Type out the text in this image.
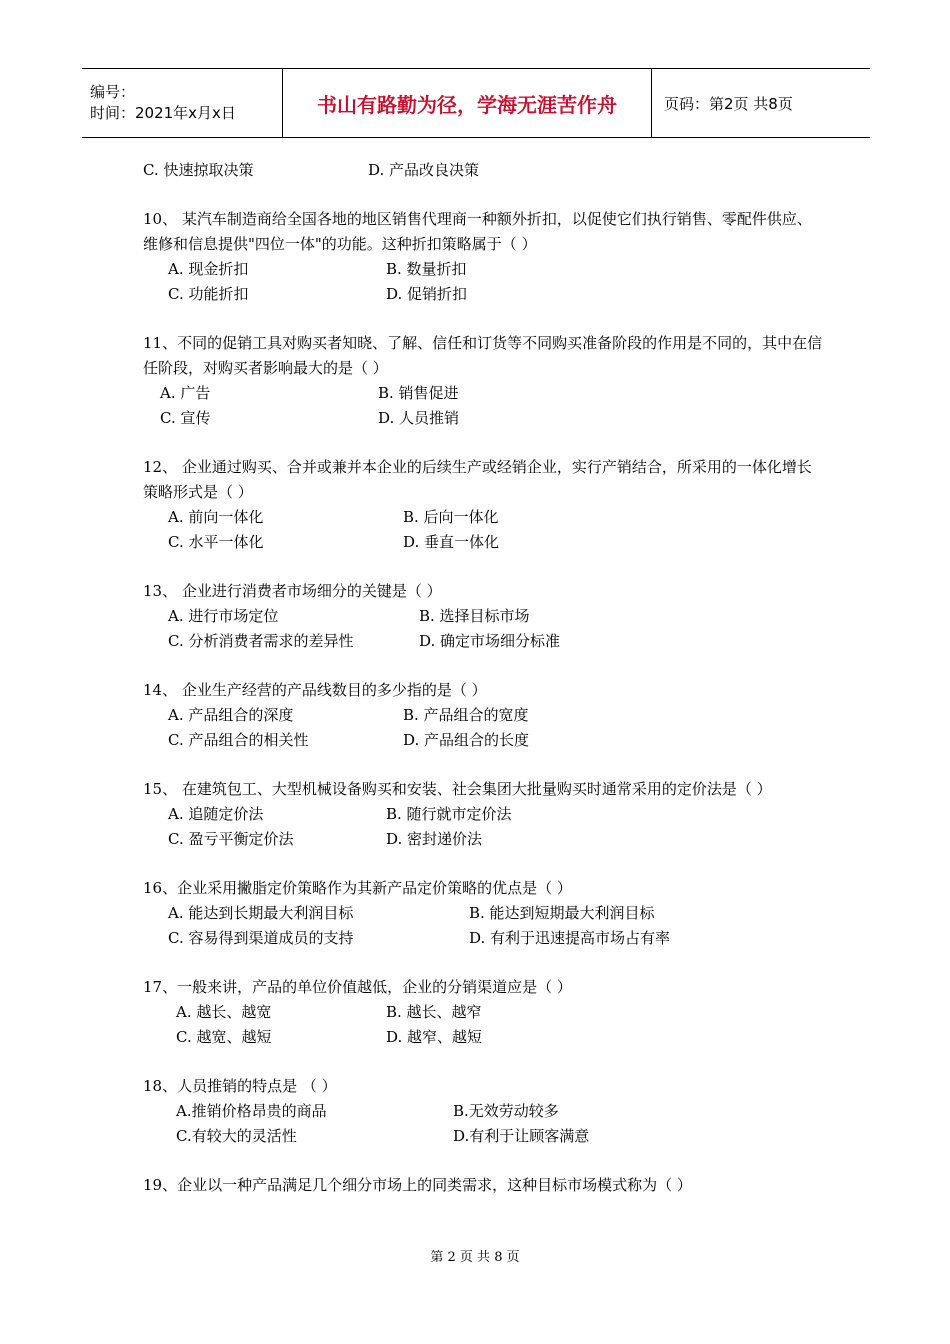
编号：
时间：2021年x月x日	书山有路勤为径，学海无涯苦作舟	页码：第2页 共8页
C. 快速掠取决策	D. 产品改良决策
10、 某汽车制造商给全国各地的地区销售代理商一种额外折扣，以促使它们执行销售、零配件供应、维修和信息提供"四位一体"的功能。这种折扣策略属于（ ）
A. 现金折扣	B. 数量折扣
C. 功能折扣	D. 促销折扣
11、不同的促销工具对购买者知晓、了解、信任和订货等不同购买准备阶段的作用是不同的，其中在信任阶段，对购买者影响最大的是（ ）
A. 广告	B. 销售促进
C. 宣传	D. 人员推销
12、 企业通过购买、合并或兼并本企业的后续生产或经销企业，实行产销结合，所采用的一体化增长策略形式是（ ）
A. 前向一体化	B. 后向一体化
C. 水平一体化	D. 垂直一体化
13、 企业进行消费者市场细分的关键是（ ）
A. 进行市场定位	B. 选择目标市场
C. 分析消费者需求的差异性	D. 确定市场细分标准
14、 企业生产经营的产品线数目的多少指的是（ ）
A. 产品组合的深度	B. 产品组合的宽度
C. 产品组合的相关性	D. 产品组合的长度
15、 在建筑包工、大型机械设备购买和安装、社会集团大批量购买时通常采用的定价法是（ ）
A. 追随定价法	B. 随行就市定价法
C. 盈亏平衡定价法	D. 密封递价法
16、企业采用撇脂定价策略作为其新产品定价策略的优点是（ ）
A. 能达到长期最大利润目标	B. 能达到短期最大利润目标
C. 容易得到渠道成员的支持	D. 有利于迅速提高市场占有率
17、一般来讲，产品的单位价值越低，企业的分销渠道应是（ ）
A. 越长、越宽	B. 越长、越窄
C. 越宽、越短	D. 越窄、越短
18、人员推销的特点是 （ ）
A.推销价格昂贵的商品	B.无效劳动较多
C.有较大的灵活性	D.有利于让顾客满意
19、企业以一种产品满足几个细分市场上的同类需求，这种目标市场模式称为（ ）
第 2 页 共 8 页
